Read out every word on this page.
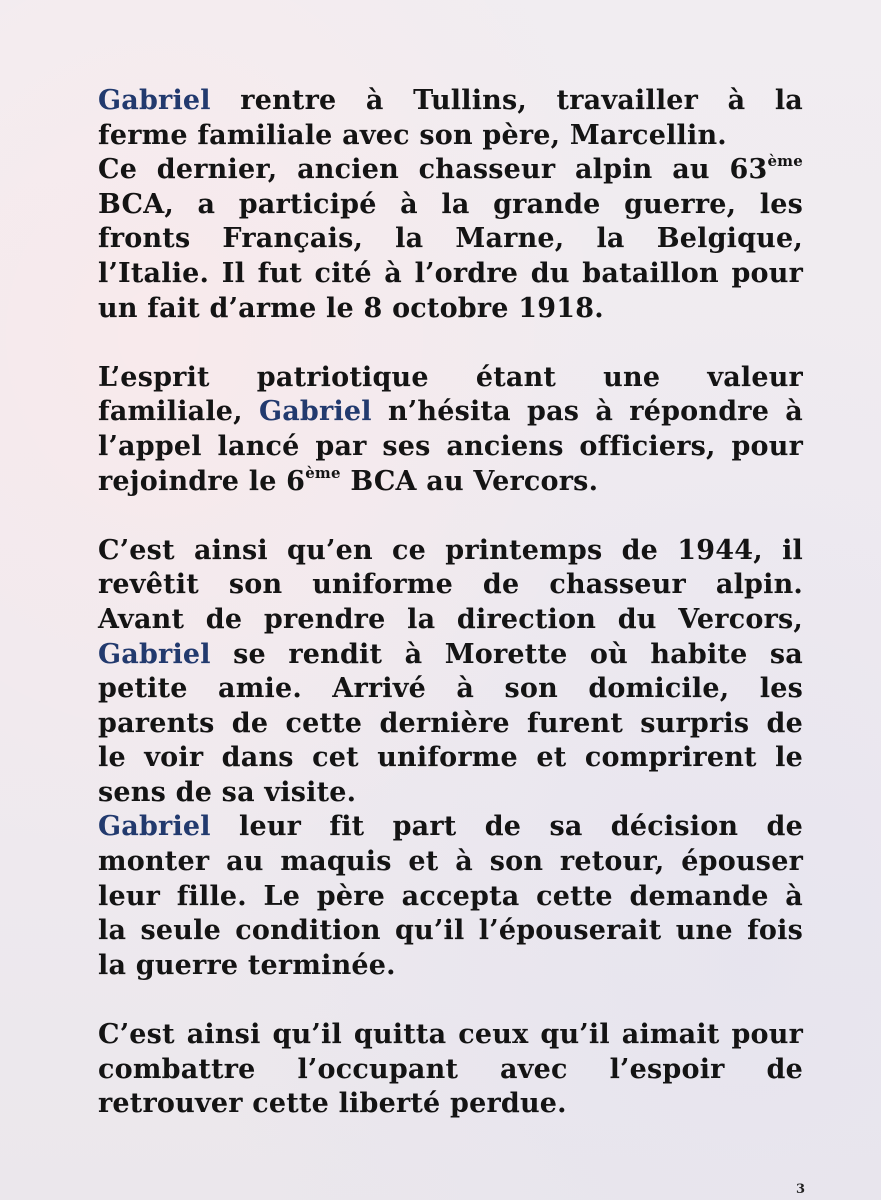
Gabriel rentre à Tullins, travailler à la
ferme familiale avec son père, Marcellin.
Ce dernier, ancien chasseur alpin au 63ème
BCA, a participé à la grande guerre, les
fronts Français, la Marne, la Belgique,
l’Italie. Il fut cité à l’ordre du bataillon pour
un fait d’arme le 8 octobre 1918.
L’esprit patriotique étant une valeur
familiale, Gabriel n’hésita pas à répondre à
l’appel lancé par ses anciens officiers, pour
rejoindre le 6ème BCA au Vercors.
C’est ainsi qu’en ce printemps de 1944, il
revêtit son uniforme de chasseur alpin.
Avant de prendre la direction du Vercors,
Gabriel se rendit à Morette où habite sa
petite amie. Arrivé à son domicile, les
parents de cette dernière furent surpris de
le voir dans cet uniforme et comprirent le
sens de sa visite.
Gabriel leur fit part de sa décision de
monter au maquis et à son retour, épouser
leur fille. Le père accepta cette demande à
la seule condition qu’il l’épouserait une fois
la guerre terminée.
C’est ainsi qu’il quitta ceux qu’il aimait pour
combattre l’occupant avec l’espoir de
retrouver cette liberté perdue.
3
